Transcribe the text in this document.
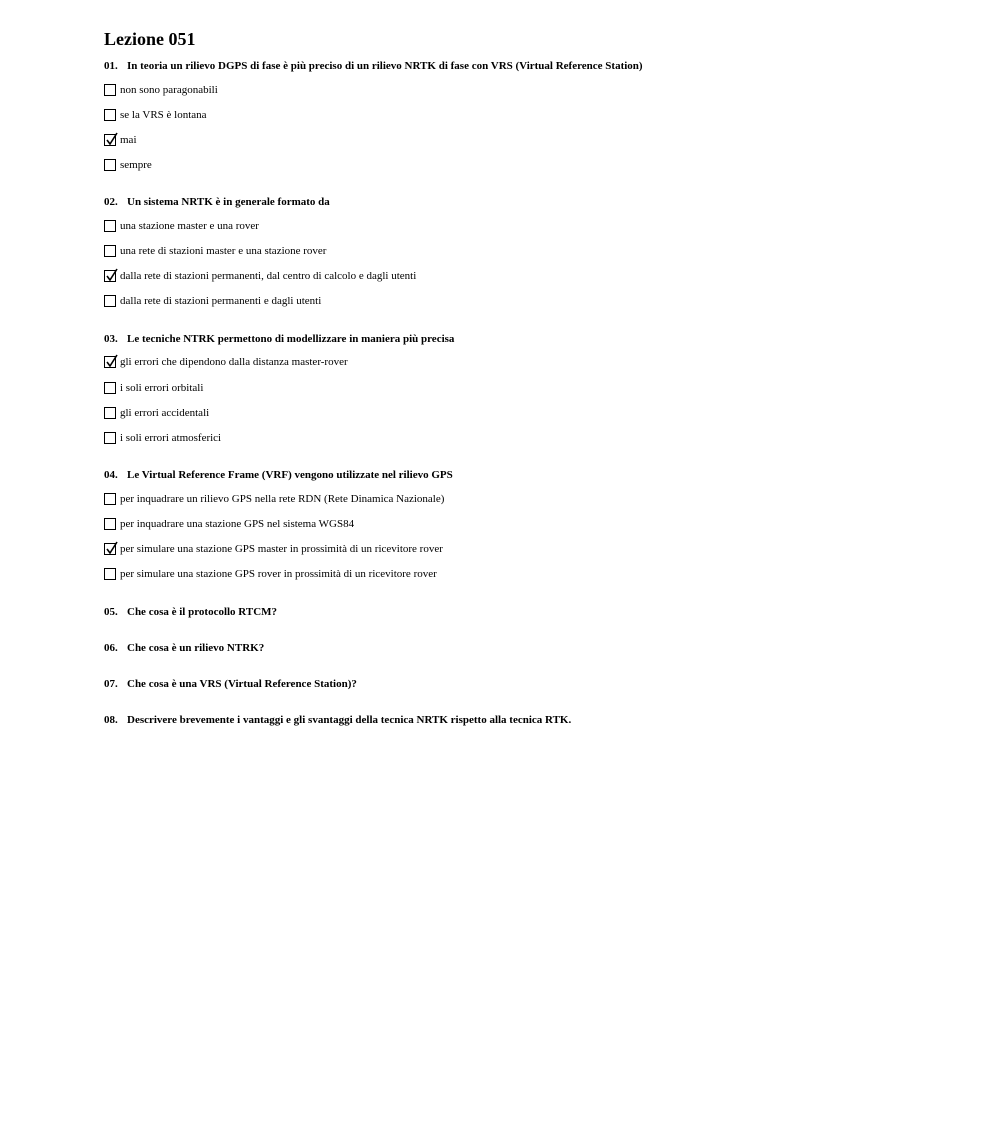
Lezione 051
01. In teoria un rilievo DGPS di fase è più preciso di un rilievo NRTK di fase con VRS (Virtual Reference Station)
non sono paragonabili
se la VRS è lontana
mai
sempre
02. Un sistema NRTK è in generale formato da
una stazione master e una rover
una rete di stazioni master e una stazione rover
dalla rete di stazioni permanenti, dal centro di calcolo e dagli utenti
dalla rete di stazioni permanenti e dagli utenti
03. Le tecniche NTRK permettono di modellizzare in maniera più precisa
gli errori che dipendono dalla distanza master-rover
i soli errori orbitali
gli errori accidentali
i soli errori atmosferici
04. Le Virtual Reference Frame (VRF) vengono utilizzate nel rilievo GPS
per inquadrare un rilievo GPS nella rete RDN (Rete Dinamica Nazionale)
per inquadrare una stazione GPS nel sistema WGS84
per simulare una stazione GPS master in prossimità di un ricevitore rover
per simulare una stazione GPS rover in prossimità di un ricevitore rover
05. Che cosa è il protocollo RTCM?
06. Che cosa è un rilievo NTRK?
07. Che cosa è una VRS (Virtual Reference Station)?
08. Descrivere brevemente i vantaggi e gli svantaggi della tecnica NRTK rispetto alla tecnica RTK.
